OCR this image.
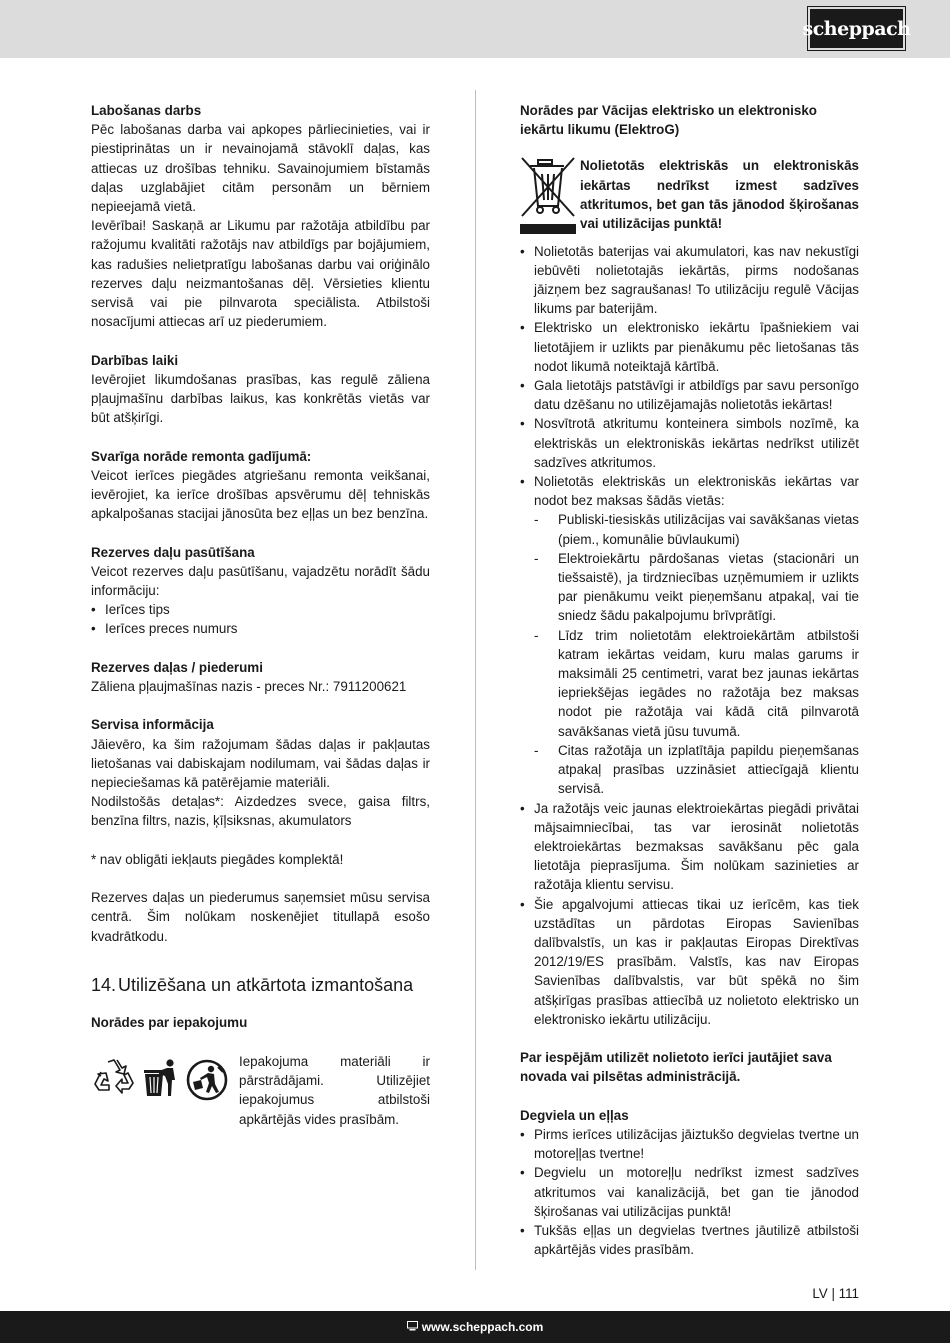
scheppach

Labošanas darbs

Pēc labošanas darba vai apkopes pārliecinieties, vai ir piestiprinātas un ir nevainojamā stāvoklī daļas, kas attiecas uz drošības tehniku. Savainojumiem bīstamās daļas uzglabājiet citām personām un bērniem nepieejamā vietā.

Ievērībai! Saskaņā ar Likumu par ražotāja atbildību par ražojumu kvalitāti ražotājs nav atbildīgs par bojājumiem, kas radušies nelietpratīgu labošanas darbu vai oriģinālo rezerves daļu neizmantošanas dēļ. Vērsieties klientu servisā vai pie pilnvarota speciālista. Atbilstoši nosacījumi attiecas arī uz piederumiem.

Darbības laiki

Ievērojiet likumdošanas prasības, kas regulē zāliena pļaujmašīnu darbības laikus, kas konkrētās vietās var būt atšķirīgi.

Svarīga norāde remonta gadījumā:

Veicot ierīces piegādes atgriešanu remonta veikšanai, ievērojiet, ka ierīce drošības apsvērumu dēļ tehniskās apkalpošanas stacijai jānosūta bez eļļas un bez benzīna.

Rezerves daļu pasūtīšana

Veicot rezerves daļu pasūtīšanu, vajadzētu norādīt šādu informāciju:

• Ierīces tips
• Ierīces preces numurs

Rezerves daļas / piederumi

Zāliena pļaujmašīnas nazis - preces Nr.: 7911200621

Servisa informācija

Jāievēro, ka šim ražojumam šādas daļas ir pakļautas lietošanas vai dabiskajam nodilumam, vai šādas daļas ir nepieciešamas kā patērējamie materiāli.

Nodilstošās detaļas*: Aizdedzes svece, gaisa filtrs, benzīna filtrs, nazis, ķīļsiksnas, akumulators

* nav obligāti iekļauts piegādes komplektā!

Rezerves daļas un piederumus saņemsiet mūsu servisa centrā. Šim nolūkam noskenējiet titullapā esošo kvadrātkodu.

14. Utilizēšana un atkārtota izmantošana

Norādes par iepakojumu

Iepakojuma materiāli ir pārstrādājami. Utilizējiet iepakojumus atbilstoši apkārtējās vides prasībām.

Norādes par Vācijas elektrisko un elektronisko iekārtu likumu (ElektroG)

Nolietotās elektriskās un elektroniskās iekārtas nedrīkst izmest sadzīves atkritumos, bet gan tās jānodod šķirošanas vai utilizācijas punktā!

• Nolietotās baterijas vai akumulatori, kas nav nekustīgi iebūvēti nolietotajās iekārtās, pirms nodošanas jāizņem bez sagraušanas! To utilizāciju regulē Vācijas likums par baterijām.
• Elektrisko un elektronisko iekārtu īpašniekiem vai lietotājiem ir uzlikts par pienākumu pēc lietošanas tās nodot likumā noteiktajā kārtībā.
• Gala lietotājs patstāvīgi ir atbildīgs par savu personīgo datu dzēšanu no utilizējamajās nolietotās iekārtas!
• Nosvītrotā atkritumu konteinera simbols nozīmē, ka elektriskās un elektroniskās iekārtas nedrīkst utilizēt sadzīves atkritumos.
• Nolietotās elektriskās un elektroniskās iekārtas var nodot bez maksas šādās vietās:
- Publiski-tiesiskās utilizācijas vai savākšanas vietas (piem., komunālie būvlaukumi)
- Elektroiekārtu pārdošanas vietas (stacionāri un tiešsaistē), ja tirdzniecības uzņēmumiem ir uzlikts par pienākumu veikt pieņemšanu atpakaļ, vai tie sniedz šādu pakalpojumu brīvprātīgi.
- Līdz trim nolietotām elektroiekārtām atbilstoši katram iekārtas veidam, kuru malas garums ir maksimāli 25 centimetri, varat bez jaunas iekārtas iepriekšējas iegādes no ražotāja bez maksas nodot pie ražotāja vai kādā citā pilnvarotā savākšanas vietā jūsu tuvumā.
- Citas ražotāja un izplatītāja papildu pieņemšanas atpakaļ prasības uzzināsiet attiecīgajā klientu servisā.
• Ja ražotājs veic jaunas elektroiekārtas piegādi privātai mājsaimniecībai, tas var ierosināt nolietotās elektroiekārtas bezmaksas savākšanu pēc gala lietotāja pieprasījuma. Šim nolūkam sazinieties ar ražotāja klientu servisu.
• Šie apgalvojumi attiecas tikai uz ierīcēm, kas tiek uzstādītas un pārdotas Eiropas Savienības dalībvalstīs, un kas ir pakļautas Eiropas Direktīvas 2012/19/ES prasībām. Valstīs, kas nav Eiropas Savienības dalībvalstis, var būt spēkā no šim atšķirīgas prasības attiecībā uz nolietoto elektrisko un elektronisko iekārtu utilizāciju.

Par iespējām utilizēt nolietoto ierīci jautājiet sava novada vai pilsētas administrācijā.

Degviela un eļļas

• Pirms ierīces utilizācijas jāiztukšo degvielas tvertne un motoreļļas tvertne!
• Degvielu un motoreļļu nedrīkst izmest sadzīves atkritumos vai kanalizācijā, bet gan tie jānodod šķirošanas vai utilizācijas punktā!
• Tukšās eļļas un degvielas tvertnes jāutilizē atbilstoši apkārtējās vides prasībām.
LV | 111
www.scheppach.com
